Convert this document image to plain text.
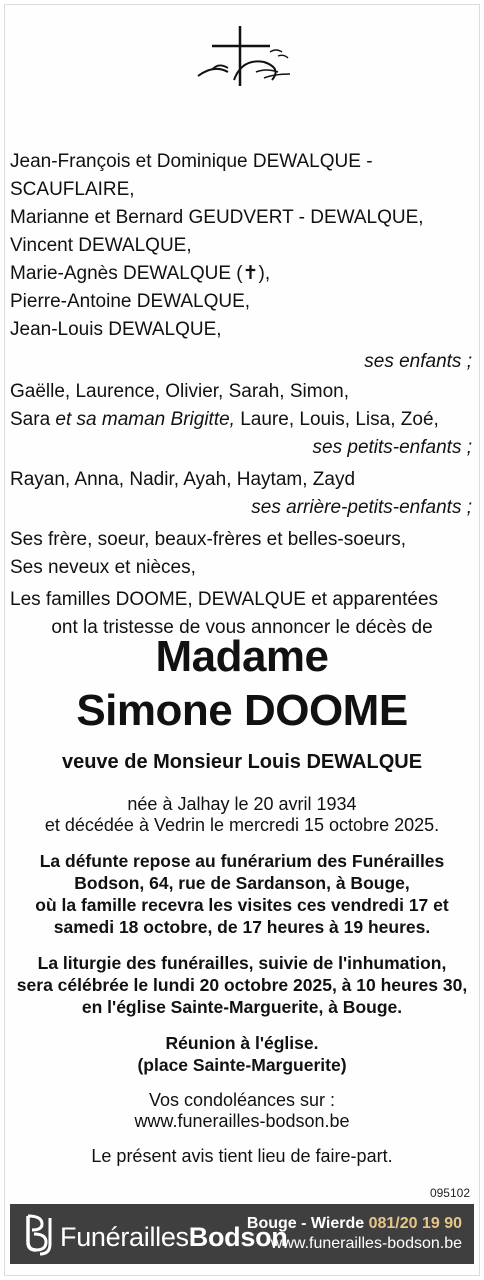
Jean-François et Dominique DEWALQUE - SCAUFLAIRE,
Marianne et Bernard GEUDVERT - DEWALQUE,
Vincent DEWALQUE,
Marie-Agnès DEWALQUE (✝),
Pierre-Antoine DEWALQUE,
Jean-Louis DEWALQUE,
ses enfants ;
Gaëlle, Laurence, Olivier, Sarah, Simon,
Sara et sa maman Brigitte, Laure, Louis, Lisa, Zoé,
ses petits-enfants ;
Rayan, Anna, Nadir, Ayah, Haytam, Zayd
ses arrière-petits-enfants ;
Ses frère, soeur, beaux-frères et belles-soeurs,
Ses neveux et nièces,
Les familles DOOME, DEWALQUE et apparentées
ont la tristesse de vous annoncer le décès de
Madame
Simone DOOME
veuve de Monsieur Louis DEWALQUE
née à Jalhay le 20 avril 1934
et décédée à Vedrin le mercredi 15 octobre 2025.
La défunte repose au funérarium des Funérailles
Bodson, 64, rue de Sardanson, à Bouge,
où la famille recevra les visites ces vendredi 17 et
samedi 18 octobre, de 17 heures à 19 heures.
La liturgie des funérailles, suivie de l'inhumation,
sera célébrée le lundi 20 octobre 2025, à 10 heures 30,
en l'église Sainte-Marguerite, à Bouge.
Réunion à l'église.
(place Sainte-Marguerite)
Vos condoléances sur :
www.funerailles-bodson.be
Le présent avis tient lieu de faire-part.
095102
FunéraillesBodson
Bouge - Wierde 081/20 19 90
www.funerailles-bodson.be
